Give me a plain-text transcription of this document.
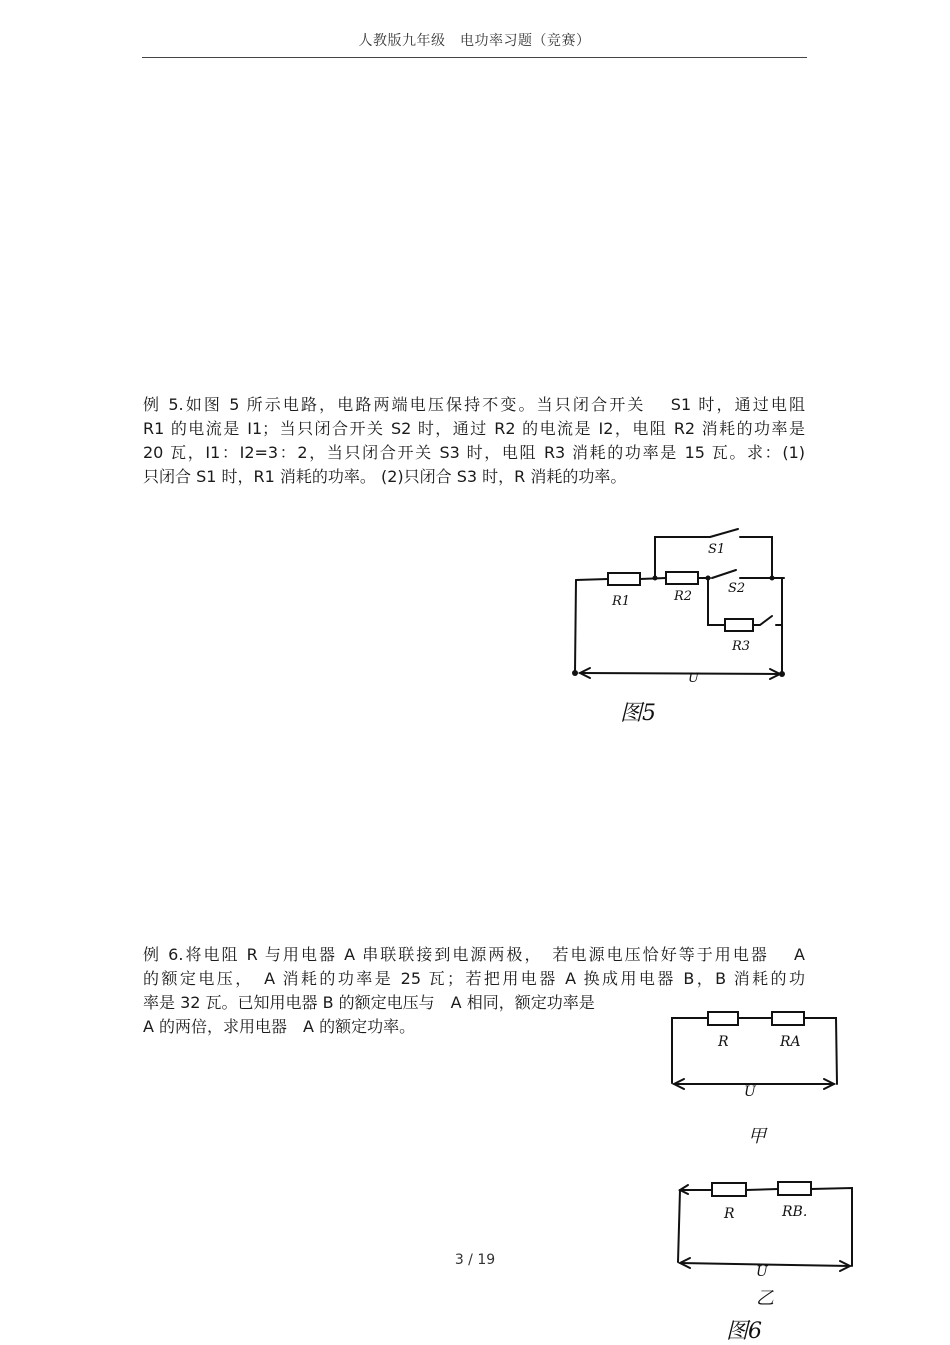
人教版九年级　电功率习题（竞赛）
例 5.如图 5 所示电路，电路两端电压保持不变。当只闭合开关　 S1 时，通过电阻
R1 的电流是 I1；当只闭合开关 S2 时，通过 R2 的电流是 I2，电阻 R2 消耗的功率是
20 瓦，I1：I2=3：2，当只闭合开关 S3 时，电阻 R3 消耗的功率是 15 瓦。求：(1)
只闭合 S1 时，R1 消耗的功率。 (2)只闭合 S3 时，R 消耗的功率。
S1
S2
R1	R2
R3
U
图5
例 6.将电阻 R 与用电器 A 串联联接到电源两极，　若电源电压恰好等于用电器　 A
的额定电压，　A 消耗的功率是 25 瓦；若把用电器 A 换成用电器 B，B 消耗的功
率是 32 瓦。已知用电器 B 的额定电压与　A 相同，额定功率是
A 的两倍，求用电器　A 的额定功率。
R	RA
U
甲
R	RB.
U
乙
图6
3 / 19
